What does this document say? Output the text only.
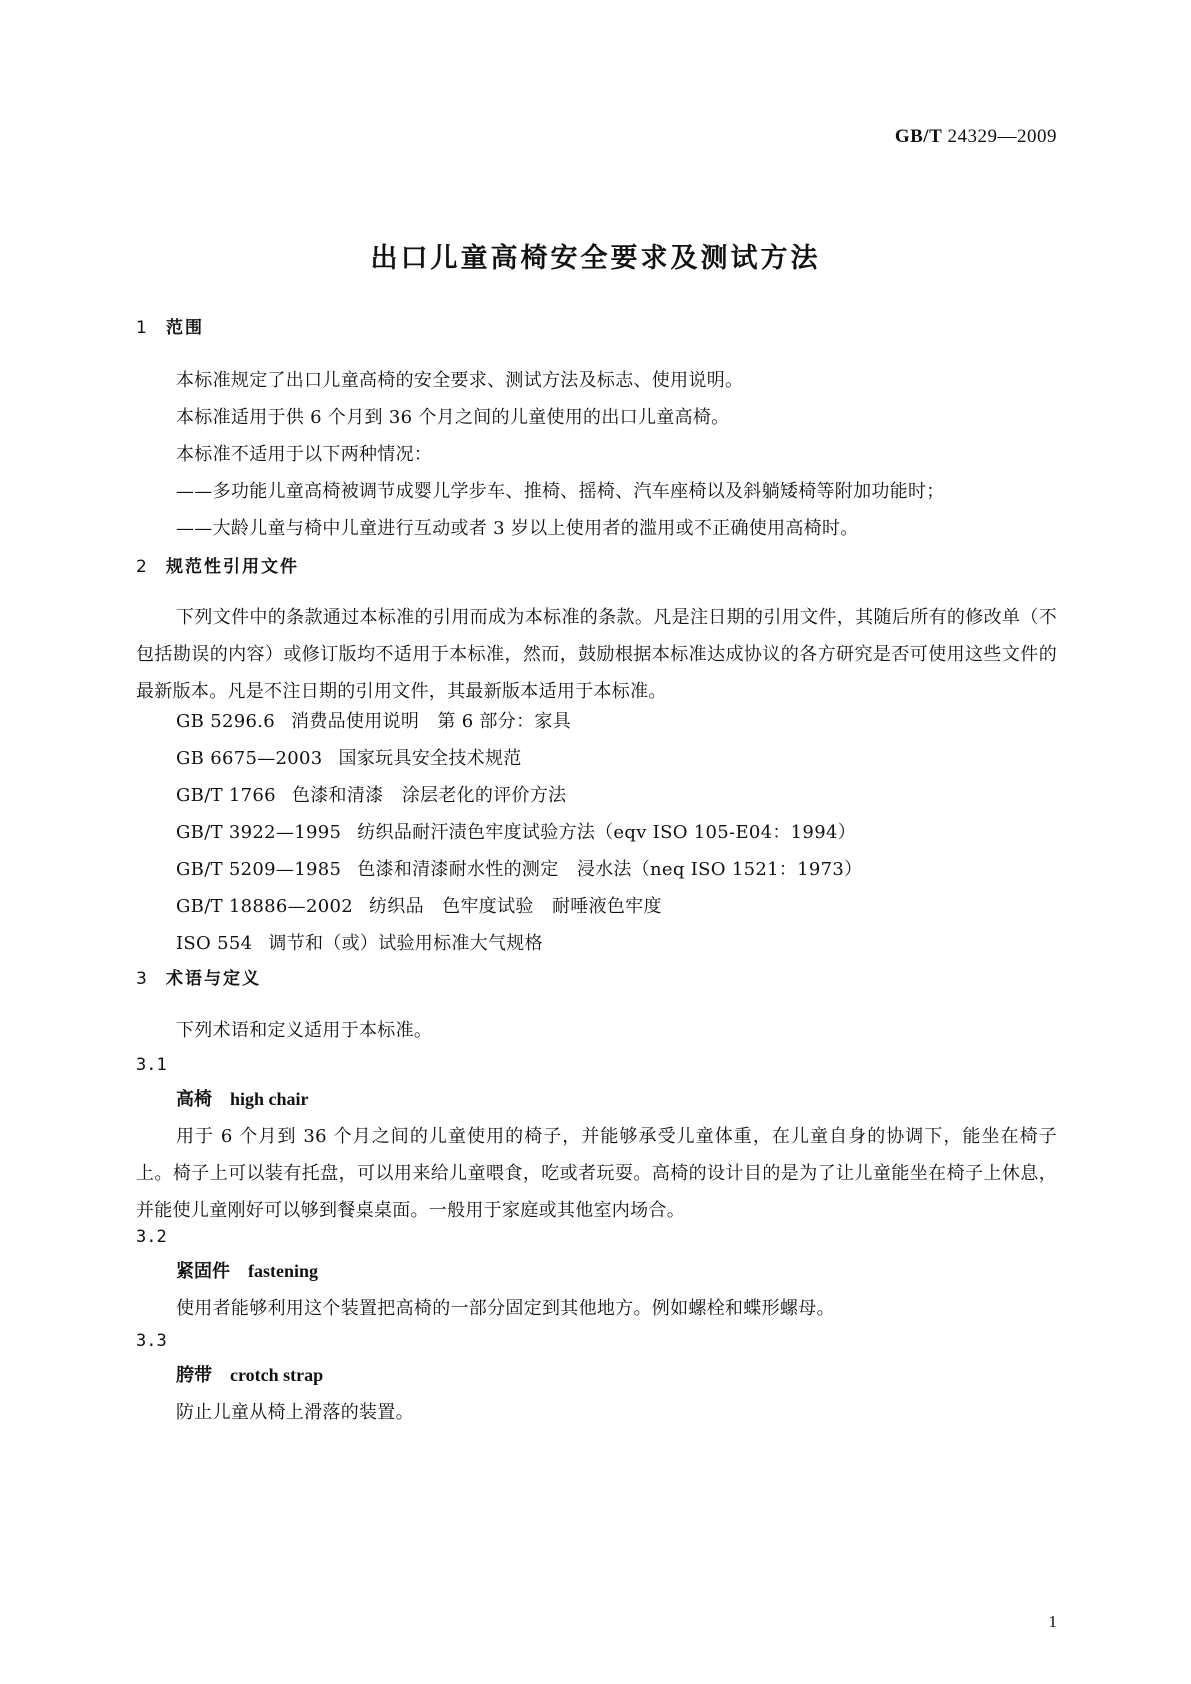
GB/T 24329—2009
出口儿童高椅安全要求及测试方法
1 范围
本标准规定了出口儿童高椅的安全要求、测试方法及标志、使用说明。
本标准适用于供 6 个月到 36 个月之间的儿童使用的出口儿童高椅。
本标准不适用于以下两种情况：
——多功能儿童高椅被调节成婴儿学步车、推椅、摇椅、汽车座椅以及斜躺矮椅等附加功能时；
——大龄儿童与椅中儿童进行互动或者 3 岁以上使用者的滥用或不正确使用高椅时。
2 规范性引用文件
下列文件中的条款通过本标准的引用而成为本标准的条款。凡是注日期的引用文件，其随后所有的修改单（不包括勘误的内容）或修订版均不适用于本标准，然而，鼓励根据本标准达成协议的各方研究是否可使用这些文件的最新版本。凡是不注日期的引用文件，其最新版本适用于本标准。
GB 5296.6 消费品使用说明　第 6 部分：家具
GB 6675—2003 国家玩具安全技术规范
GB/T 1766 色漆和清漆　涂层老化的评价方法
GB/T 3922—1995 纺织品耐汗渍色牢度试验方法（eqv ISO 105-E04：1994）
GB/T 5209—1985 色漆和清漆耐水性的测定　浸水法（neq ISO 1521：1973）
GB/T 18886—2002 纺织品　色牢度试验　耐唾液色牢度
ISO 554 调节和（或）试验用标准大气规格
3 术语与定义
下列术语和定义适用于本标准。
3.1
高椅 high chair
用于 6 个月到 36 个月之间的儿童使用的椅子，并能够承受儿童体重，在儿童自身的协调下，能坐在椅子上。椅子上可以装有托盘，可以用来给儿童喂食，吃或者玩耍。高椅的设计目的是为了让儿童能坐在椅子上休息，并能使儿童刚好可以够到餐桌桌面。一般用于家庭或其他室内场合。
3.2
紧固件 fastening
使用者能够利用这个装置把高椅的一部分固定到其他地方。例如螺栓和蝶形螺母。
3.3
胯带 crotch strap
防止儿童从椅上滑落的装置。
1
